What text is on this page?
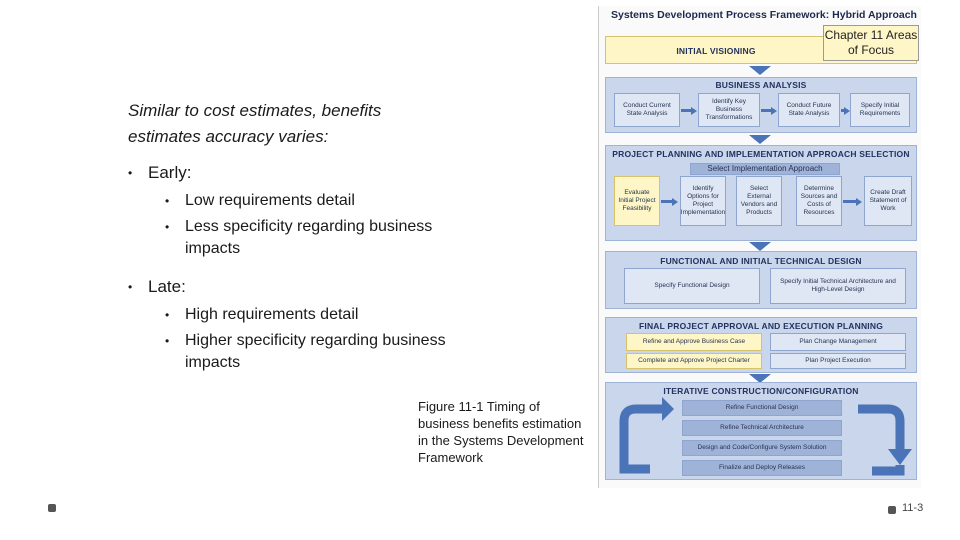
Similar to cost estimates, benefits estimates accuracy varies:
• Early:
• Low requirements detail
• Less specificity regarding business impacts
• Late:
• High requirements detail
• Higher specificity regarding business impacts
Figure 11-1 Timing of business benefits estimation in the Systems Development Framework
Systems Development Process Framework: Hybrid Approach
INITIAL VISIONING
BUSINESS ANALYSIS
Conduct Current State Analysis
Identify Key Business Transformations
Conduct Future State Analysis
Specify Initial Requirements
PROJECT PLANNING AND IMPLEMENTATION APPROACH SELECTION
Select Implementation Approach
Evaluate Initial Project Feasibility
Identify Options for Project Implementation
Select External Vendors and Products
Determine Sources and Costs of Resources
Create Draft Statement of Work
FUNCTIONAL AND INITIAL TECHNICAL DESIGN
Specify Functional Design
Specify Initial Technical Architecture and High-Level Design
FINAL PROJECT APPROVAL AND EXECUTION PLANNING
Refine and Approve Business Case	Plan Change Management
Complete and Approve Project Charter	Plan Project Execution
ITERATIVE CONSTRUCTION/CONFIGURATION
Refine Functional Design
Refine Technical Architecture
Design and Code/Configure System Solution
Finalize and Deploy Releases
Chapter 11 Areas of Focus
11-3
